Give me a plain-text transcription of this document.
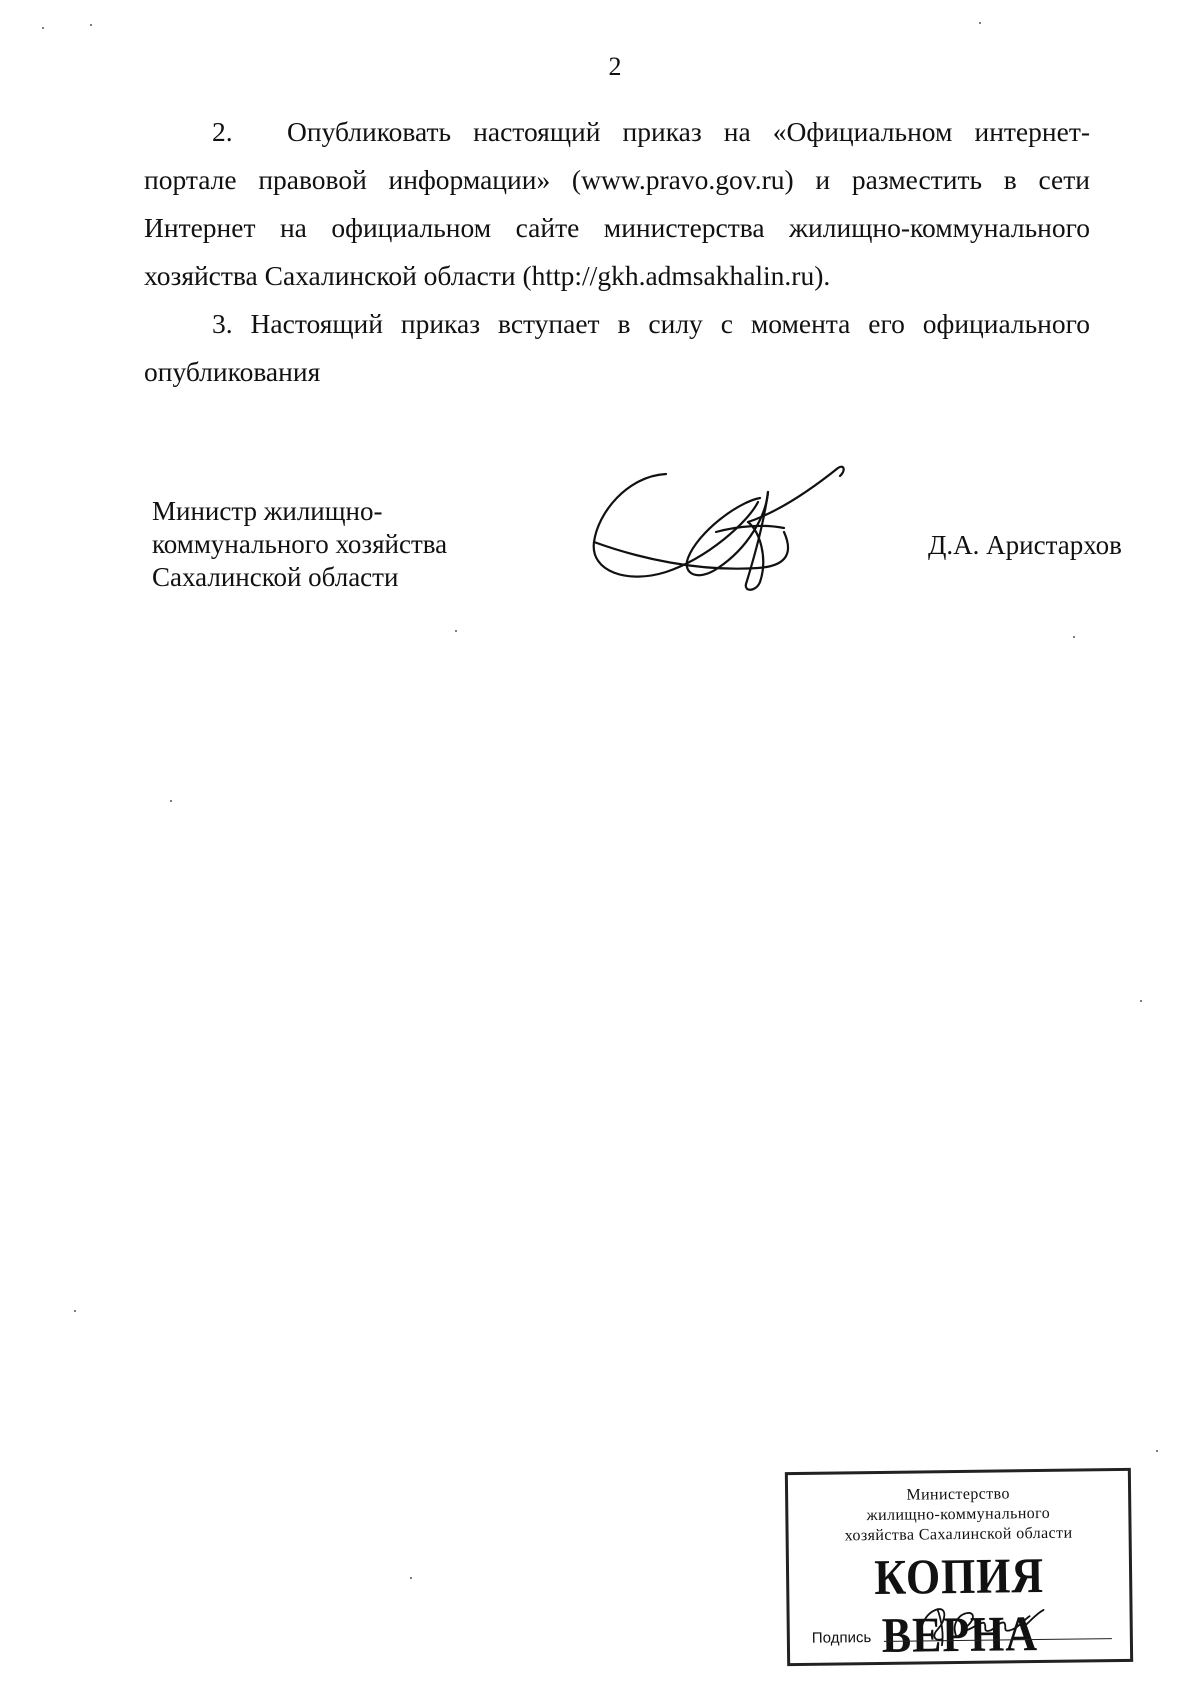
2

2. Опубликовать настоящий приказ на «Официальном интернет-портале правовой информации» (www.pravo.gov.ru) и разместить в сети Интернет на официальном сайте министерства жилищно-коммунального хозяйства Сахалинской области (http://gkh.admsakhalin.ru).

3. Настоящий приказ вступает в силу с момента его официального опубликования

Министр жилищно-
коммунального хозяйства
Сахалинской области
Д.А. Аристархов
Министерство
жилищно-коммунального
хозяйства Сахалинской области
КОПИЯ ВЕРНА
Подпись
